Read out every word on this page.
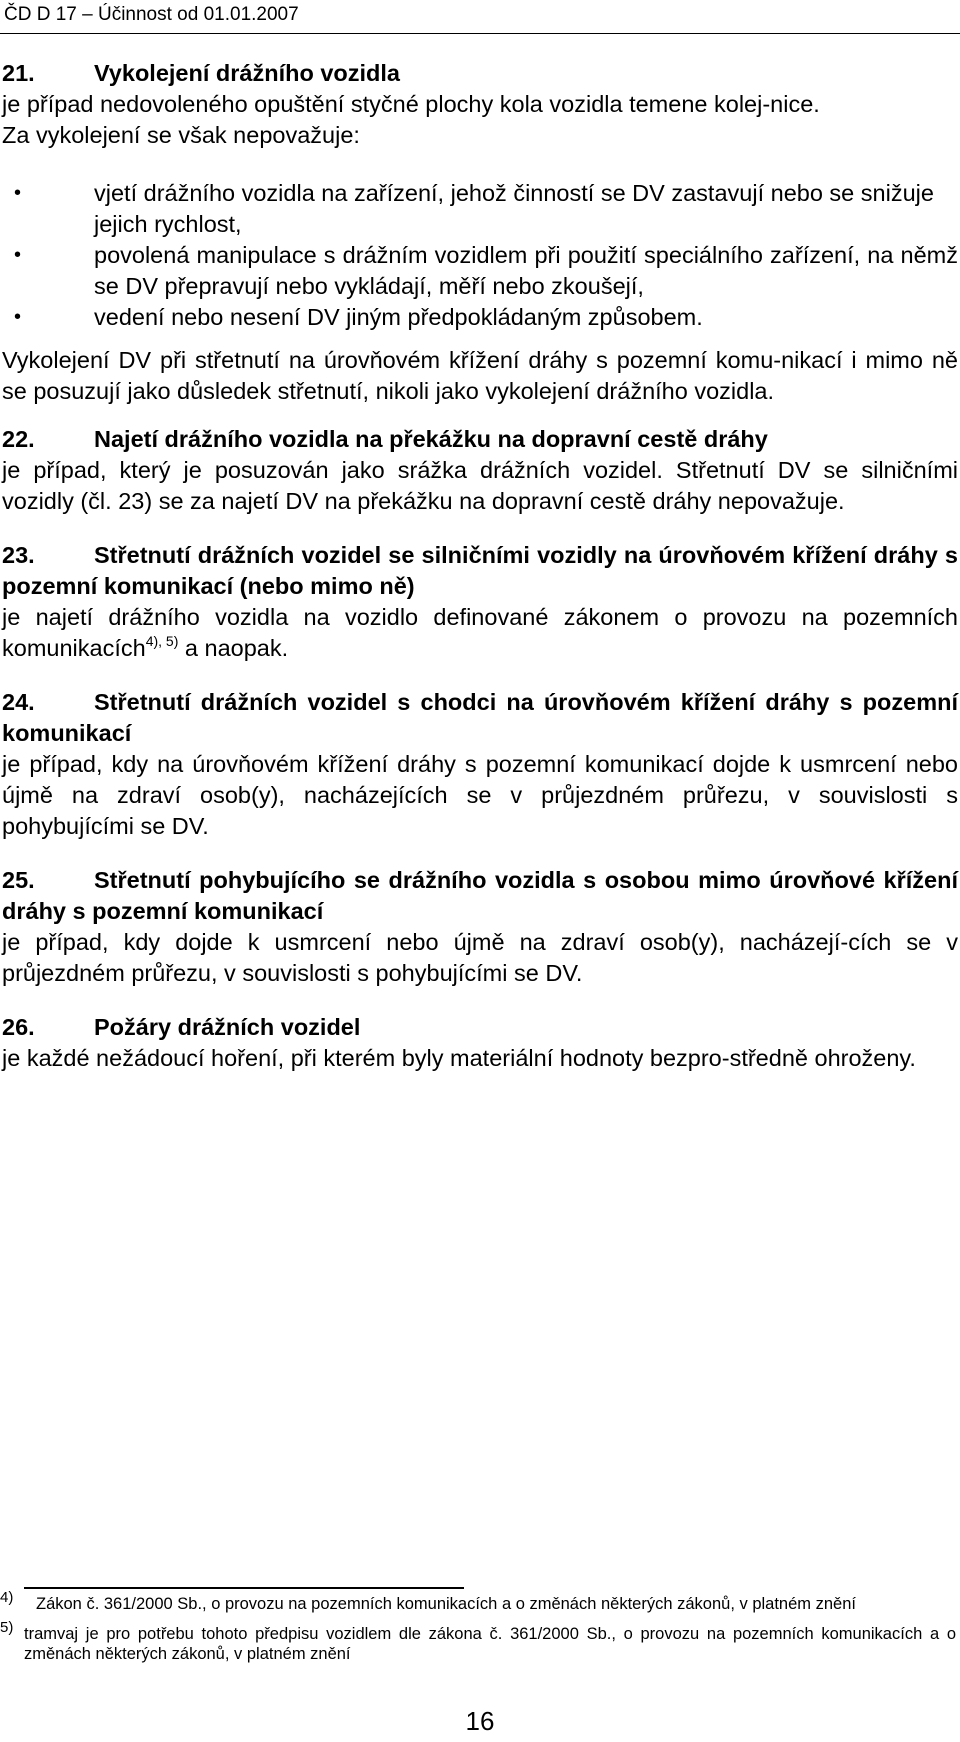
ČD D 17 – Účinnost od 01.01.2007
21.	Vykolejení drážního vozidla

je případ nedovoleného opuštění styčné plochy kola vozidla temene kolej-nice.

Za vykolejení se však nepovažuje:

•	vjetí drážního vozidla na zařízení, jehož činností se DV zastavují nebo se snižuje jejich rychlost,
•	povolená manipulace s drážním vozidlem při použití speciálního zařízení, na němž se DV přepravují nebo vykládají, měří nebo zkoušejí,
•	vedení nebo nesení DV jiným předpokládaným způsobem.

Vykolejení DV při střetnutí na úrovňovém křížení dráhy s pozemní komu-nikací i mimo ně se posuzují jako důsledek střetnutí, nikoli jako vykolejení drážního vozidla.

22.	Najetí drážního vozidla na překážku na dopravní cestě dráhy

je případ, který je posuzován jako srážka drážních vozidel. Střetnutí DV se silničními vozidly (čl. 23) se za najetí DV na překážku na dopravní cestě dráhy nepovažuje.

23.	Střetnutí drážních vozidel se silničními vozidly na úrovňovém křížení dráhy s pozemní komunikací (nebo mimo ně)

je najetí drážního vozidla na vozidlo definované zákonem o provozu na pozemních komunikacích$^{4), 5)}$ a naopak.

24.	Střetnutí drážních vozidel s chodci na úrovňovém křížení dráhy s pozemní komunikací

je případ, kdy na úrovňovém křížení dráhy s pozemní komunikací dojde k usmrcení nebo újmě na zdraví osob(y), nacházejících se v průjezdném průřezu, v souvislosti s pohybujícími se DV.

25.	Střetnutí pohybujícího se drážního vozidla s osobou mimo úrovňové křížení dráhy s pozemní komunikací

je případ, kdy dojde k usmrcení nebo újmě na zdraví osob(y), nacházejí-cích se v průjezdném průřezu, v souvislosti s pohybujícími se DV.

26.	Požáry drážních vozidel

je každé nežádoucí hoření, při kterém byly materiální hodnoty bezpro-středně ohroženy.

4)	Zákon č. 361/2000 Sb., o provozu na pozemních komunikacích a o změnách některých zákonů, v platném znění
5) tramvaj je pro potřebu tohoto předpisu vozidlem dle zákona č. 361/2000 Sb., o provozu na pozemních komunikacích a o změnách některých zákonů, v platném znění
16
